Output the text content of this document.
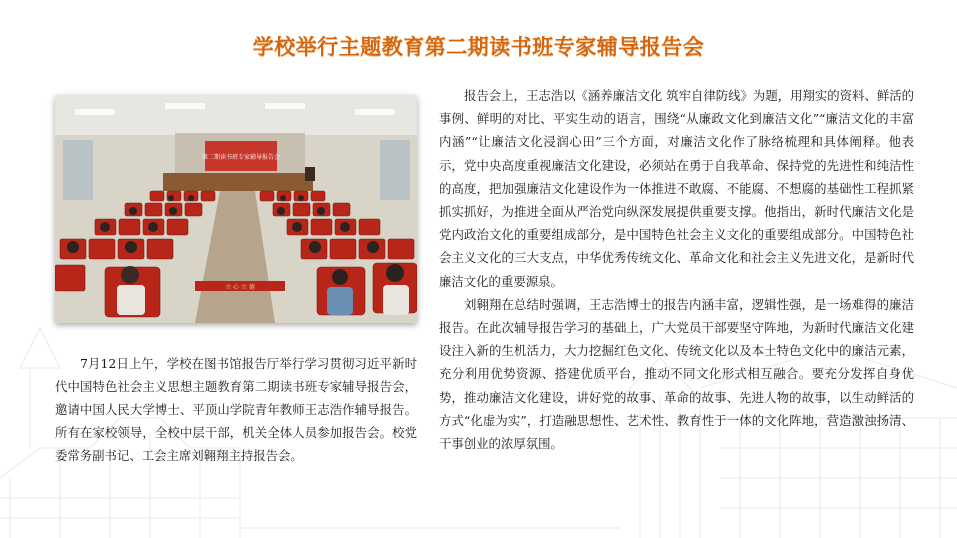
学校举行主题教育第二期读书班专家辅导报告会
第二期读书班专家辅导报告会
立 心 立 德
7月12日上午，学校在图书馆报告厅举行学习贯彻习近平新时代中国特色社会主义思想主题教育第二期读书班专家辅导报告会，邀请中国人民大学博士、平顶山学院青年教师王志浩作辅导报告。所有在家校领导，全校中层干部，机关全体人员参加报告会。校党委常务副书记、工会主席刘翱翔主持报告会。

报告会上，王志浩以《涵养廉洁文化 筑牢自律防线》为题，用翔实的资料、鲜活的事例、鲜明的对比、平实生动的语言，围绕“从廉政文化到廉洁文化”“廉洁文化的丰富内涵”“让廉洁文化浸润心田”三个方面，对廉洁文化作了脉络梳理和具体阐释。他表示，党中央高度重视廉洁文化建设，必须站在勇于自我革命、保持党的先进性和纯洁性的高度，把加强廉洁文化建设作为一体推进不敢腐、不能腐、不想腐的基础性工程抓紧抓实抓好，为推进全面从严治党向纵深发展提供重要支撑。他指出，新时代廉洁文化是党内政治文化的重要组成部分，是中国特色社会主义文化的重要组成部分。中国特色社会主义文化的三大支点，中华优秀传统文化、革命文化和社会主义先进文化，是新时代廉洁文化的重要源泉。

刘翱翔在总结时强调，王志浩博士的报告内涵丰富，逻辑性强，是一场难得的廉洁报告。在此次辅导报告学习的基础上，广大党员干部要坚守阵地，为新时代廉洁文化建设注入新的生机活力，大力挖掘红色文化、传统文化以及本土特色文化中的廉洁元素，充分利用优势资源、搭建优质平台，推动不同文化形式相互融合。要充分发挥自身优势，推动廉洁文化建设，讲好党的故事、革命的故事、先进人物的故事，以生动鲜活的方式“化虚为实”，打造融思想性、艺术性、教育性于一体的文化阵地，营造激浊扬清、干事创业的浓厚氛围。
